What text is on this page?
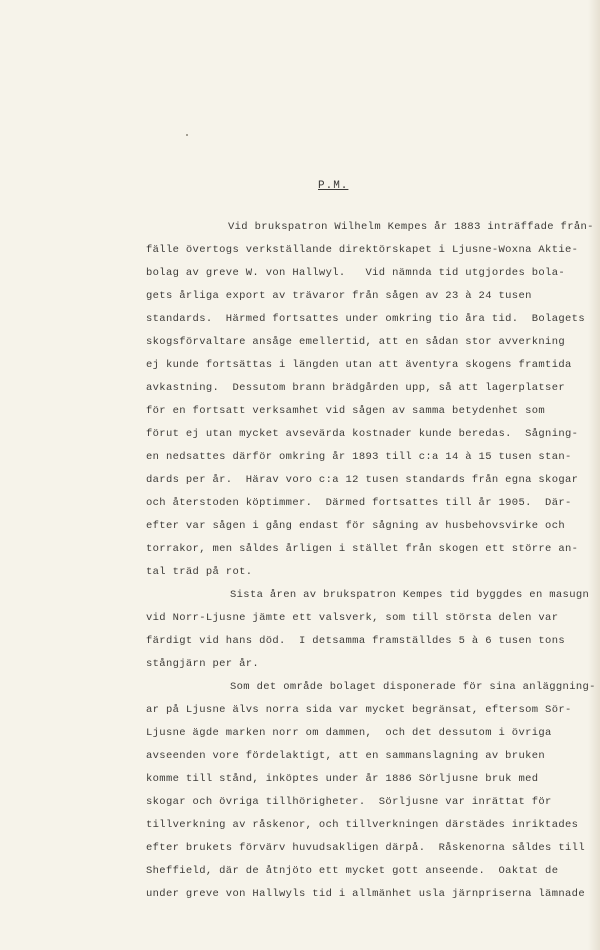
P.M.
Vid brukspatron Wilhelm Kempes år 1883 inträffade från-
fälle övertogs verkställande direktörskapet i Ljusne-Woxna Aktie-
bolag av greve W. von Hallwyl.   Vid nämnda tid utgjordes bola-
gets årliga export av trävaror från sågen av 23 à 24 tusen
standards.  Härmed fortsattes under omkring tio åra tid.  Bolagets
skogsförvaltare ansåge emellertid, att en sådan stor avverkning
ej kunde fortsättas i längden utan att äventyra skogens framtida
avkastning.  Dessutom brann brädgården upp, så att lagerplatser
för en fortsatt verksamhet vid sågen av samma betydenhet som
förut ej utan mycket avsevärda kostnader kunde beredas.  Sågning-
en nedsattes därför omkring år 1893 till c:a 14 à 15 tusen stan-
dards per år.  Härav voro c:a 12 tusen standards från egna skogar
och återstoden köptimmer.  Därmed fortsattes till år 1905.  Där-
efter var sågen i gång endast för sågning av husbehovsvirke och
torrakor, men såldes årligen i stället från skogen ett större an-
tal träd på rot.
Sista åren av brukspatron Kempes tid byggdes en masugn
vid Norr-Ljusne jämte ett valsverk, som till största delen var
färdigt vid hans död.  I detsamma framställdes 5 à 6 tusen tons
stångjärn per år.
Som det område bolaget disponerade för sina anläggning-
ar på Ljusne älvs norra sida var mycket begränsat, eftersom Sör-
Ljusne ägde marken norr om dammen,  och det dessutom i övriga
avseenden vore fördelaktigt, att en sammanslagning av bruken
komme till stånd, inköptes under år 1886 Sörljusne bruk med
skogar och övriga tillhörigheter.  Sörljusne var inrättat för
tillverkning av råskenor, och tillverkningen därstädes inriktades
efter brukets förvärv huvudsakligen därpå.  Råskenorna såldes till
Sheffield, där de åtnjöto ett mycket gott anseende.  Oaktat de
under greve von Hallwyls tid i allmänhet usla järnpriserna lämnade
